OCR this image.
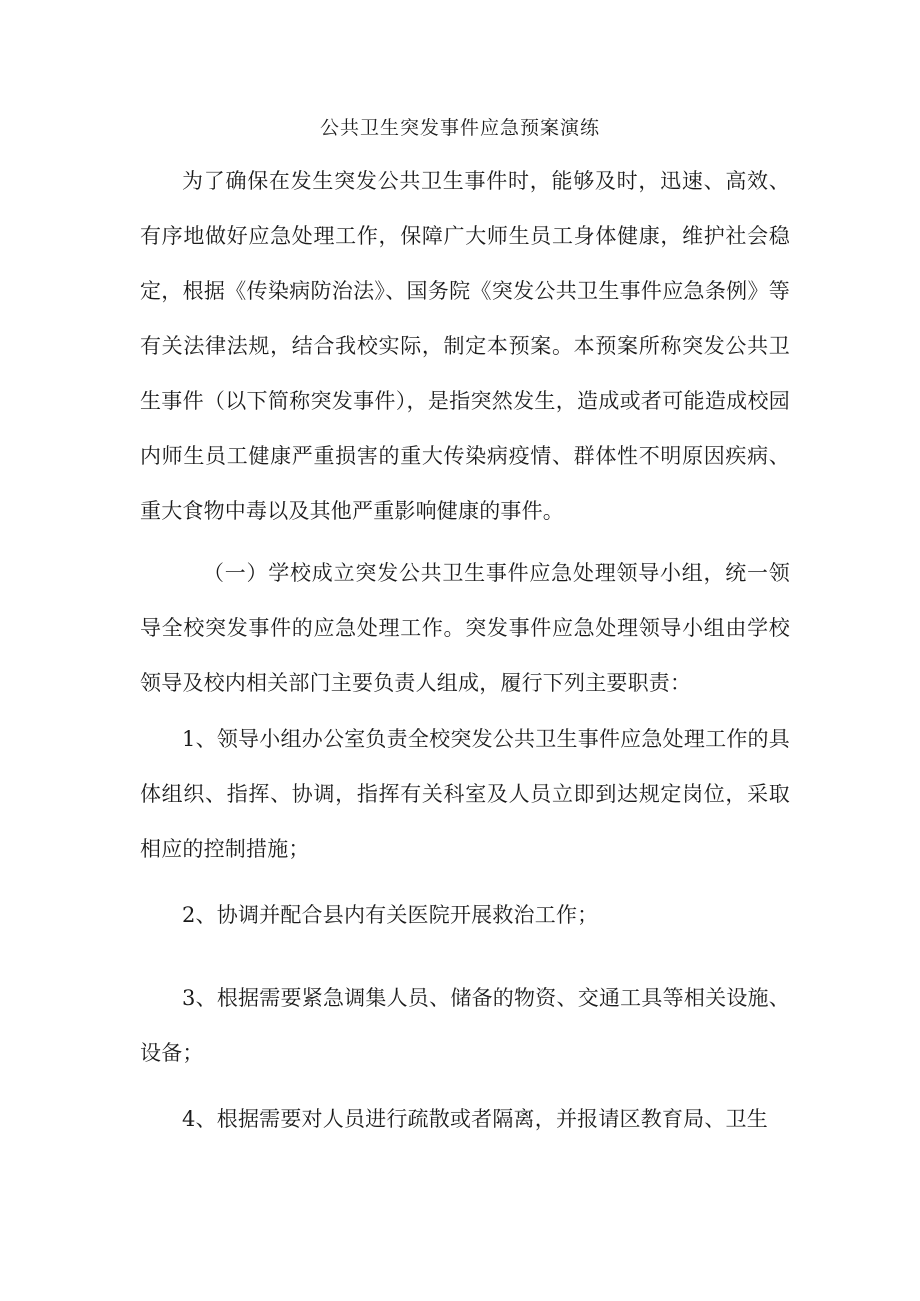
公共卫生突发事件应急预案演练
为了确保在发生突发公共卫生事件时，能够及时，迅速、高效、有序地做好应急处理工作，保障广大师生员工身体健康，维护社会稳定，根据《传染病防治法》、国务院《突发公共卫生事件应急条例》等有关法律法规，结合我校实际，制定本预案。本预案所称突发公共卫生事件（以下简称突发事件），是指突然发生，造成或者可能造成校园内师生员工健康严重损害的重大传染病疫情、群体性不明原因疾病、重大食物中毒以及其他严重影响健康的事件。
（一）学校成立突发公共卫生事件应急处理领导小组，统一领导全校突发事件的应急处理工作。突发事件应急处理领导小组由学校领导及校内相关部门主要负责人组成，履行下列主要职责：
1、领导小组办公室负责全校突发公共卫生事件应急处理工作的具体组织、指挥、协调，指挥有关科室及人员立即到达规定岗位，采取相应的控制措施；
2、协调并配合县内有关医院开展救治工作；
3、根据需要紧急调集人员、储备的物资、交通工具等相关设施、设备；
4、根据需要对人员进行疏散或者隔离，并报请区教育局、卫生
